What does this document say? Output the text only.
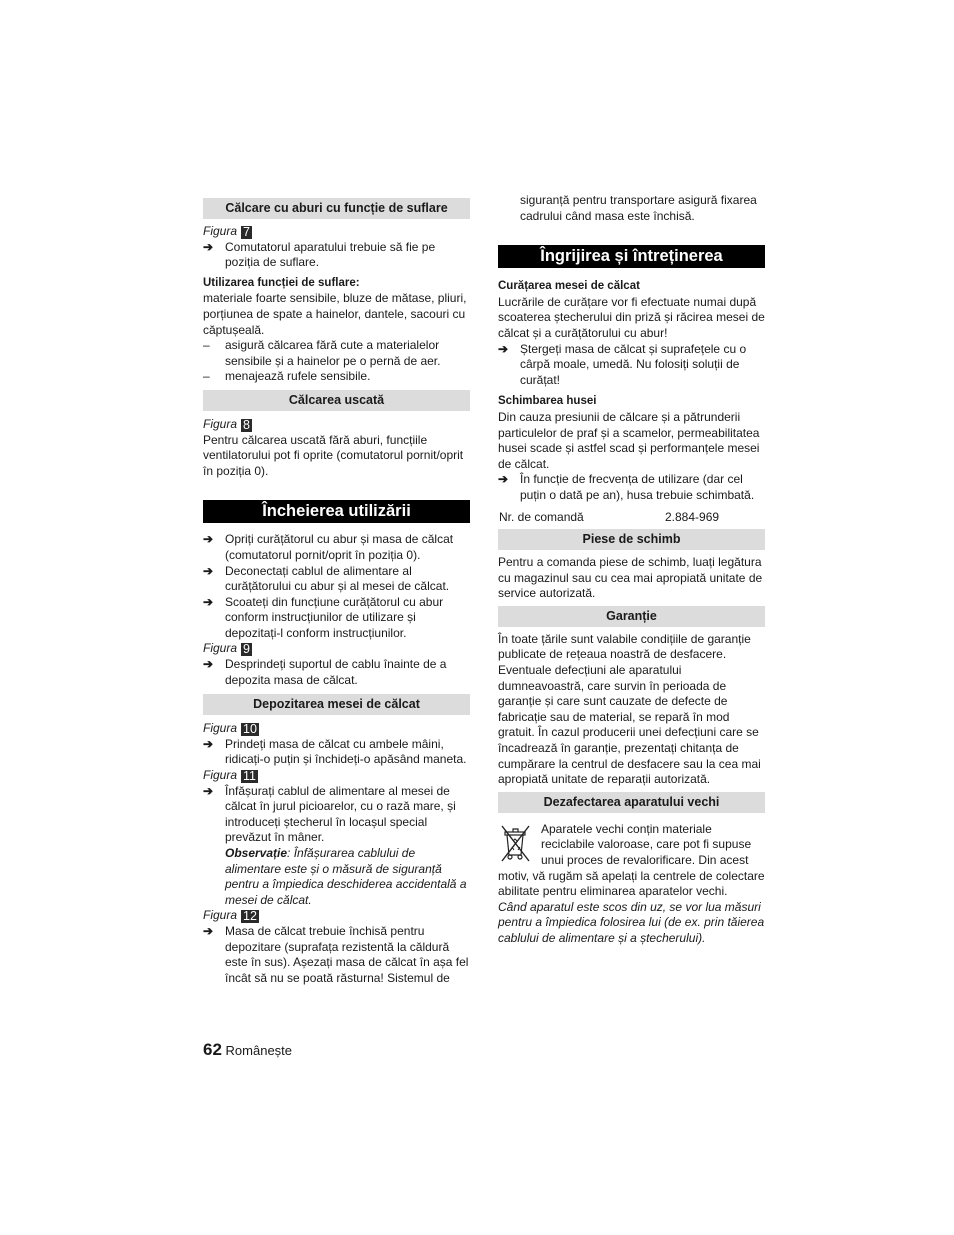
Călcare cu aburi cu funcție de suflare
Figura 7
➔ Comutatorul aparatului trebuie să fie pe poziția de suflare.
Utilizarea funcției de suflare:
materiale foarte sensibile, bluze de mătase, pliuri, porțiunea de spate a hainelor, dantele, sacouri cu căptușeală.
– asigură călcarea fără cute a materialelor sensibile și a hainelor pe o pernă de aer.
– menajează rufele sensibile.
Călcarea uscată
Figura 8
Pentru călcarea uscată fără aburi, funcțiile ventilatorului pot fi oprite (comutatorul pornit/oprit în poziția 0).
Încheierea utilizării
➔ Opriți curățătorul cu abur și masa de călcat (comutatorul pornit/oprit în poziția 0).
➔ Deconectați cablul de alimentare al curățătorului cu abur și al mesei de călcat.
➔ Scoateți din funcțiune curățătorul cu abur conform instrucțiunilor de utilizare și depozitați-l conform instrucțiunilor.
Figura 9
➔ Desprindeți suportul de cablu înainte de a depozita masa de călcat.
Depozitarea mesei de călcat
Figura 10
➔ Prindeți masa de călcat cu ambele mâini, ridicați-o puțin și închideți-o apăsând maneta.
Figura 11
➔ Înfășurați cablul de alimentare al mesei de călcat în jurul picioarelor, cu o rază mare, și introduceți ștecherul în locașul special prevăzut în mâner.
Observație: Înfășurarea cablului de alimentare este și o măsură de siguranță pentru a împiedica deschiderea accidentală a mesei de călcat.
Figura 12
➔ Masa de călcat trebuie închisă pentru depozitare (suprafața rezistentă la căldură este în sus). Așezați masa de călcat în așa fel încât să nu se poată răsturna! Sistemul de
siguranță pentru transportare asigură fixarea cadrului când masa este închisă.
Îngrijirea și întreținerea
Curățarea mesei de călcat
Lucrările de curățare vor fi efectuate numai după scoaterea ștecherului din priză și răcirea mesei de călcat și a curățătorului cu abur!
➔ Ștergeți masa de călcat și suprafețele cu o cârpă moale, umedă. Nu folosiți soluții de curățat!
Schimbarea husei
Din cauza presiunii de călcare și a pătrunderii particulelor de praf și a scamelor, permeabilitatea husei scade și astfel scad și performanțele mesei de călcat.
➔ În funcție de frecvența de utilizare (dar cel puțin o dată pe an), husa trebuie schimbată.
Nr. de comandă	2.884-969
Piese de schimb
Pentru a comanda piese de schimb, luați legătura cu magazinul sau cu cea mai apropiată unitate de service autorizată.
Garanție
În toate țările sunt valabile condițiile de garanție publicate de rețeaua noastră de desfacere. Eventuale defecțiuni ale aparatului dumneavoastră, care survin în perioada de garanție și care sunt cauzate de defecte de fabricație sau de material, se repară în mod gratuit. În cazul producerii unei defecțiuni care se încadrează în garanție, prezentați chitanța de cumpărare la centrul de desfacere sau la cea mai apropiată unitate de reparații autorizată.
Dezafectarea aparatului vechi
Aparatele vechi conțin materiale reciclabile valoroase, care pot fi supuse unui proces de revalorificare. Din acest motiv, vă rugăm să apelați la centrele de colectare abilitate pentru eliminarea aparatelor vechi.
Când aparatul este scos din uz, se vor lua măsuri pentru a împiedica folosirea lui (de ex. prin tăierea cablului de alimentare și a ștecherului).
62 Românește
